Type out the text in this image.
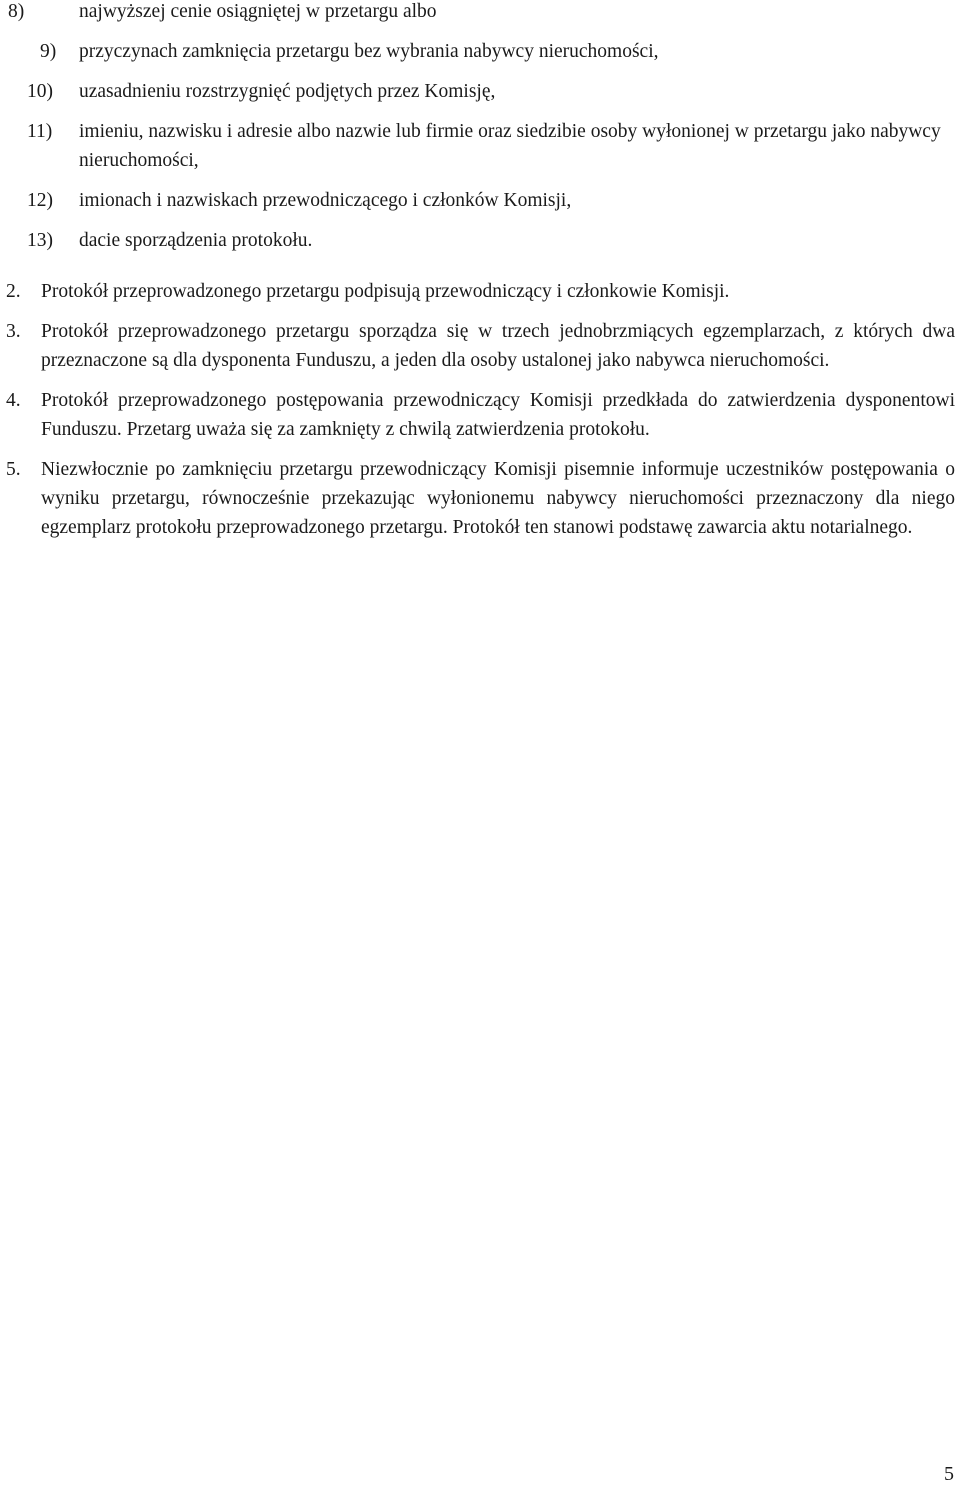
8)	najwyższej cenie osiągniętej w przetargu albo
9) przyczynach zamknięcia przetargu bez wybrania nabywcy nieruchomości,
10) uzasadnieniu rozstrzygnięć podjętych przez Komisję,
11) imieniu, nazwisku i adresie albo nazwie lub firmie oraz siedzibie osoby wyłonionej w przetargu jako nabywcy nieruchomości,
12) imionach i nazwiskach przewodniczącego i członków Komisji,
13) dacie sporządzenia protokołu.
2. Protokół przeprowadzonego przetargu podpisują przewodniczący i członkowie Komisji.
3. Protokół przeprowadzonego przetargu sporządza się w trzech jednobrzmiących egzemplarzach, z których dwa przeznaczone są dla dysponenta Funduszu, a jeden dla osoby ustalonej jako nabywca nieruchomości.
4. Protokół przeprowadzonego postępowania przewodniczący Komisji przedkłada do zatwierdzenia dysponentowi Funduszu. Przetarg uważa się za zamknięty z chwilą zatwierdzenia protokołu.
5. Niezwłocznie po zamknięciu przetargu przewodniczący Komisji pisemnie informuje uczestników postępowania o wyniku przetargu, równocześnie przekazując wyłonionemu nabywcy nieruchomości przeznaczony dla niego egzemplarz protokołu przeprowadzonego przetargu. Protokół ten stanowi podstawę zawarcia aktu notarialnego.
5
